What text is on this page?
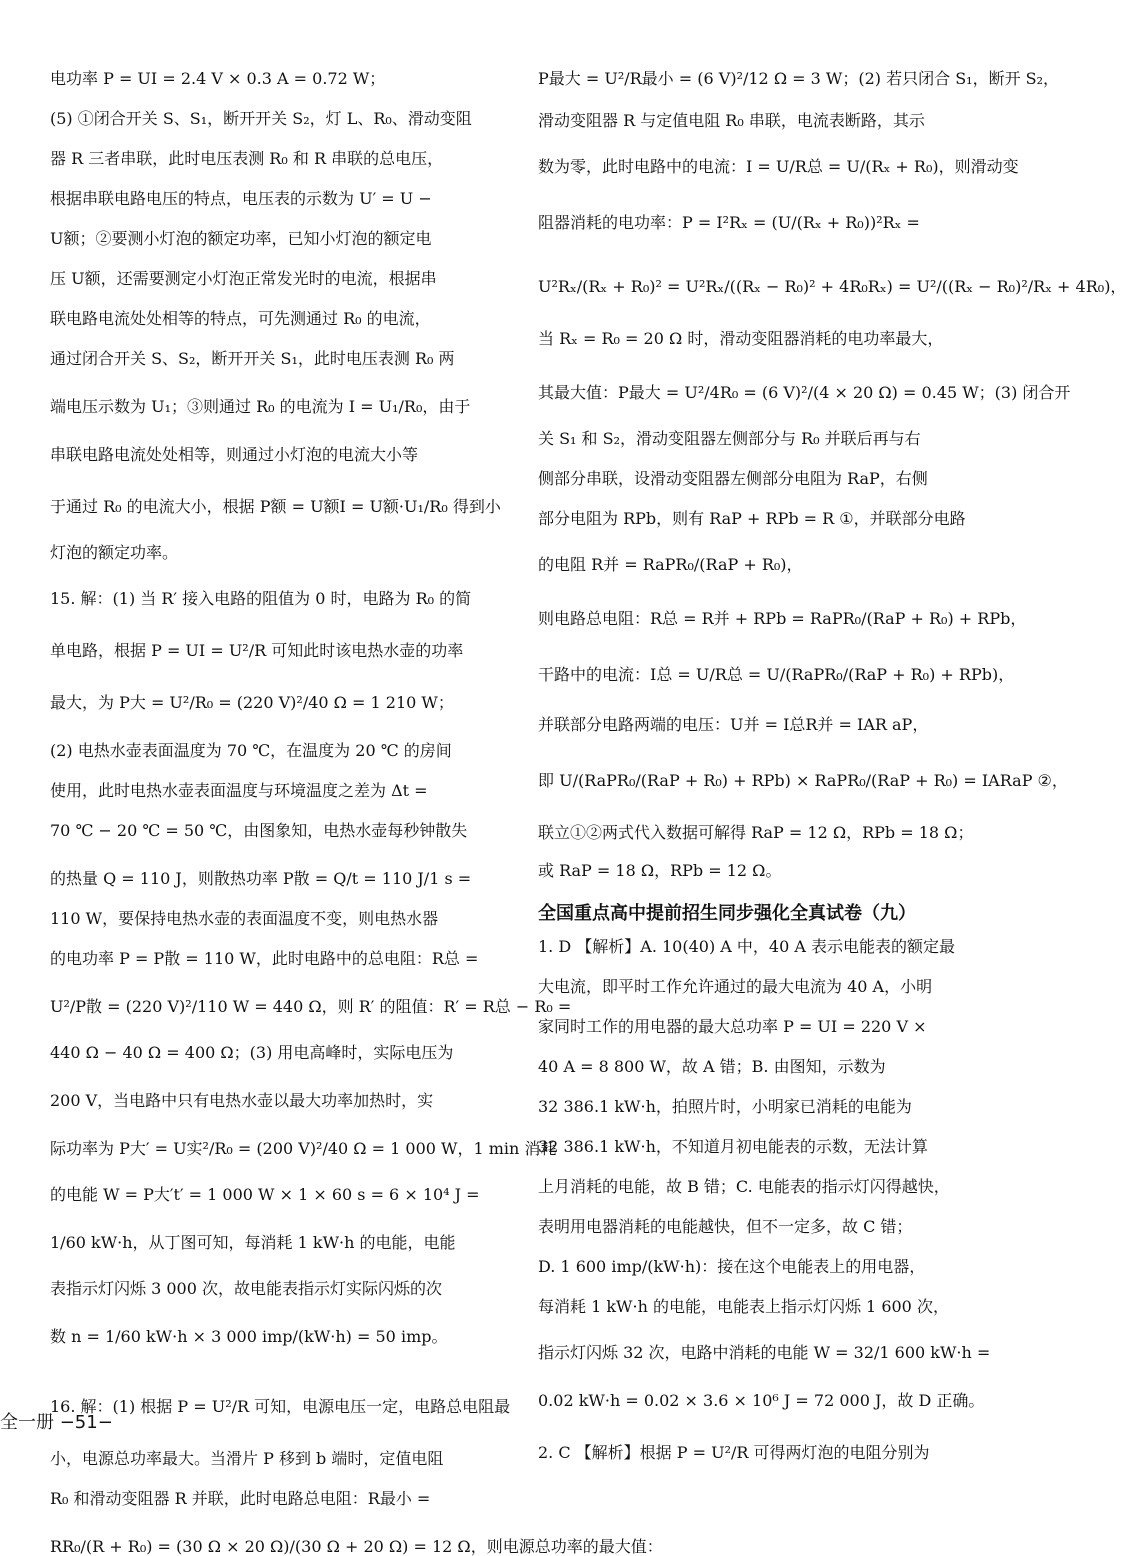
电功率 P = UI = 2.4 V × 0.3 A = 0.72 W；

(5) ①闭合开关 S、S₁，断开开关 S₂，灯 L、R₀、滑动变阻

器 R 三者串联，此时电压表测 R₀ 和 R 串联的总电压，

根据串联电路电压的特点，电压表的示数为 U′ = U −

U额；②要测小灯泡的额定功率，已知小灯泡的额定电

压 U额，还需要测定小灯泡正常发光时的电流，根据串

联电路电流处处相等的特点，可先测通过 R₀ 的电流，

通过闭合开关 S、S₂，断开开关 S₁，此时电压表测 R₀ 两

端电压示数为 U₁；③则通过 R₀ 的电流为 I = U₁/R₀，由于

串联电路电流处处相等，则通过小灯泡的电流大小等

于通过 R₀ 的电流大小，根据 P额 = U额I = U额·U₁/R₀ 得到小

灯泡的额定功率。

15. 解：(1) 当 R′ 接入电路的阻值为 0 时，电路为 R₀ 的简

单电路，根据 P = UI = U²/R 可知此时该电热水壶的功率

最大，为 P大 = U²/R₀ = (220 V)²/40 Ω = 1 210 W；

(2) 电热水壶表面温度为 70 ℃，在温度为 20 ℃ 的房间

使用，此时电热水壶表面温度与环境温度之差为 Δt =

70 ℃ − 20 ℃ = 50 ℃，由图象知，电热水壶每秒钟散失

的热量 Q = 110 J，则散热功率 P散 = Q/t = 110 J/1 s =

110 W，要保持电热水壶的表面温度不变，则电热水器

的电功率 P = P散 = 110 W，此时电路中的总电阻：R总 =

U²/P散 = (220 V)²/110 W = 440 Ω，则 R′ 的阻值：R′ = R总 − R₀ =

440 Ω − 40 Ω = 400 Ω；(3) 用电高峰时，实际电压为

200 V，当电路中只有电热水壶以最大功率加热时，实

际功率为 P大′ = U实²/R₀ = (200 V)²/40 Ω = 1 000 W，1 min 消耗

的电能 W = P大′t′ = 1 000 W × 1 × 60 s = 6 × 10⁴ J =

1/60 kW·h，从丁图可知，每消耗 1 kW·h 的电能，电能

表指示灯闪烁 3 000 次，故电能表指示灯实际闪烁的次

数 n = 1/60 kW·h × 3 000 imp/(kW·h) = 50 imp。

16. 解：(1) 根据 P = U²/R 可知，电源电压一定，电路总电阻最

小，电源总功率最大。当滑片 P 移到 b 端时，定值电阻

R₀ 和滑动变阻器 R 并联，此时电路总电阻：R最小 =

RR₀/(R + R₀) = (30 Ω × 20 Ω)/(30 Ω + 20 Ω) = 12 Ω，则电源总功率的最大值：

P最大 = U²/R最小 = (6 V)²/12 Ω = 3 W；(2) 若只闭合 S₁，断开 S₂，

滑动变阻器 R 与定值电阻 R₀ 串联，电流表断路，其示

数为零，此时电路中的电流：I = U/R总 = U/(Rₓ + R₀)，则滑动变

阻器消耗的电功率：P = I²Rₓ = (U/(Rₓ + R₀))²Rₓ =

U²Rₓ/(Rₓ + R₀)² = U²Rₓ/((Rₓ − R₀)² + 4R₀Rₓ) = U²/((Rₓ − R₀)²/Rₓ + 4R₀)，

当 Rₓ = R₀ = 20 Ω 时，滑动变阻器消耗的电功率最大，

其最大值：P最大 = U²/4R₀ = (6 V)²/(4 × 20 Ω) = 0.45 W；(3) 闭合开

关 S₁ 和 S₂，滑动变阻器左侧部分与 R₀ 并联后再与右

侧部分串联，设滑动变阻器左侧部分电阻为 RaP，右侧

部分电阻为 RPb，则有 RaP + RPb = R ①，并联部分电路

的电阻 R并 = RaPR₀/(RaP + R₀)，

则电路总电阻：R总 = R并 + RPb = RaPR₀/(RaP + R₀) + RPb，

干路中的电流：I总 = U/R总 = U/(RaPR₀/(RaP + R₀) + RPb)，

并联部分电路两端的电压：U并 = I总R并 = IAR aP，

即 U/(RaPR₀/(RaP + R₀) + RPb) × RaPR₀/(RaP + R₀) = IARaP ②，

联立①②两式代入数据可解得 RaP = 12 Ω，RPb = 18 Ω；

或 RaP = 18 Ω，RPb = 12 Ω。

全国重点高中提前招生同步强化全真试卷（九）

1. D 【解析】A. 10(40) A 中，40 A 表示电能表的额定最

大电流，即平时工作允许通过的最大电流为 40 A，小明

家同时工作的用电器的最大总功率 P = UI = 220 V ×

40 A = 8 800 W，故 A 错；B. 由图知，示数为

32 386.1 kW·h，拍照片时，小明家已消耗的电能为

32 386.1 kW·h，不知道月初电能表的示数，无法计算

上月消耗的电能，故 B 错；C. 电能表的指示灯闪得越快，

表明用电器消耗的电能越快，但不一定多，故 C 错；

D. 1 600 imp/(kW·h)：接在这个电能表上的用电器，

每消耗 1 kW·h 的电能，电能表上指示灯闪烁 1 600 次，

指示灯闪烁 32 次，电路中消耗的电能 W = 32/1 600 kW·h =

0.02 kW·h = 0.02 × 3.6 × 10⁶ J = 72 000 J，故 D 正确。

2. C 【解析】根据 P = U²/R 可得两灯泡的电阻分别为

全一册 −51−
